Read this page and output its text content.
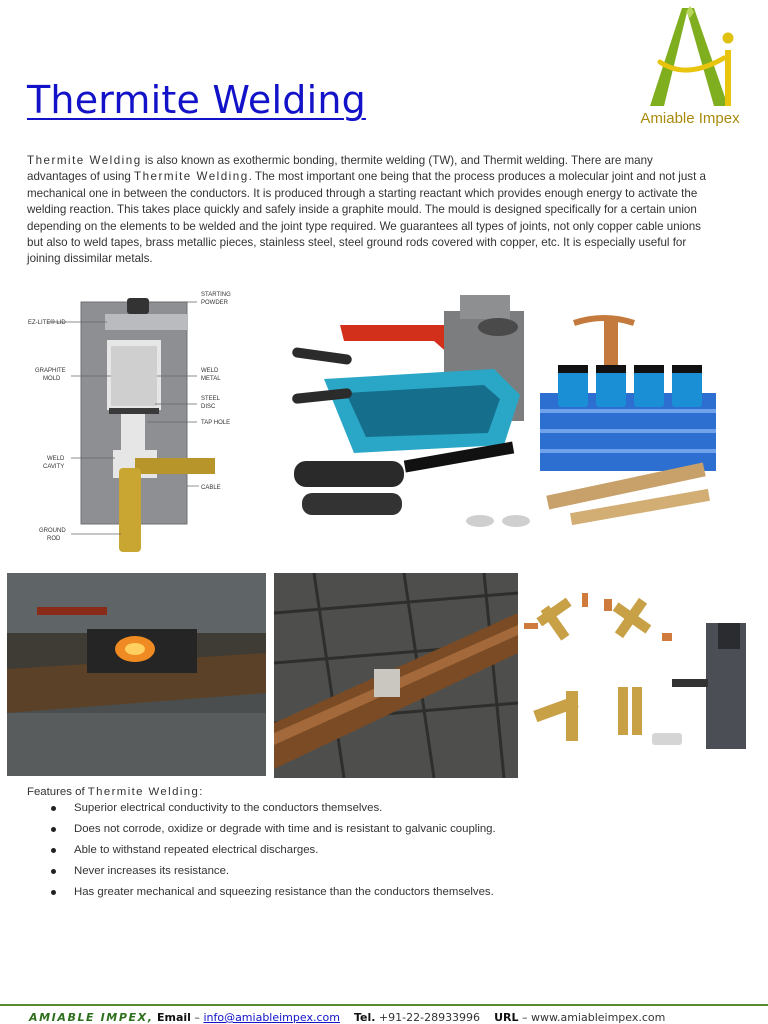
Thermite Welding	Amiable Impex

Thermite Welding is also known as exothermic bonding, thermite welding (TW), and Thermit welding. There are many advantages of using Thermite Welding. The most important one being that the process produces a molecular joint and not just a mechanical one in between the conductors. It is produced through a starting reactant which provides enough energy to activate the welding reaction. This takes place quickly and safely inside a graphite mould. The mould is designed specifically for a certain union depending on the elements to be welded and the joint type required. We guarantees all types of joints, not only copper cable unions but also to weld tapes, brass metallic pieces, stainless steel, steel ground rods covered with copper, etc. It is especially useful for joining dissimilar metals.

STARTING
POWDER
EZ-LITE® LID
GRAPHITE
MOLD
WELD
METAL
STEEL
DISC
TAP HOLE
WELD
CAVITY
CABLE
GROUND
ROD

Features of Thermite Welding:

Superior electrical conductivity to the conductors themselves.
Does not corrode, oxidize or degrade with time and is resistant to galvanic coupling.
Able to withstand repeated electrical discharges.
Never increases its resistance.
Has greater mechanical and squeezing resistance than the conductors themselves.
AMIABLE IMPEX, Email – info@amiableimpex.com Tel. +91-22-28933996 URL – www.amiableimpex.com
